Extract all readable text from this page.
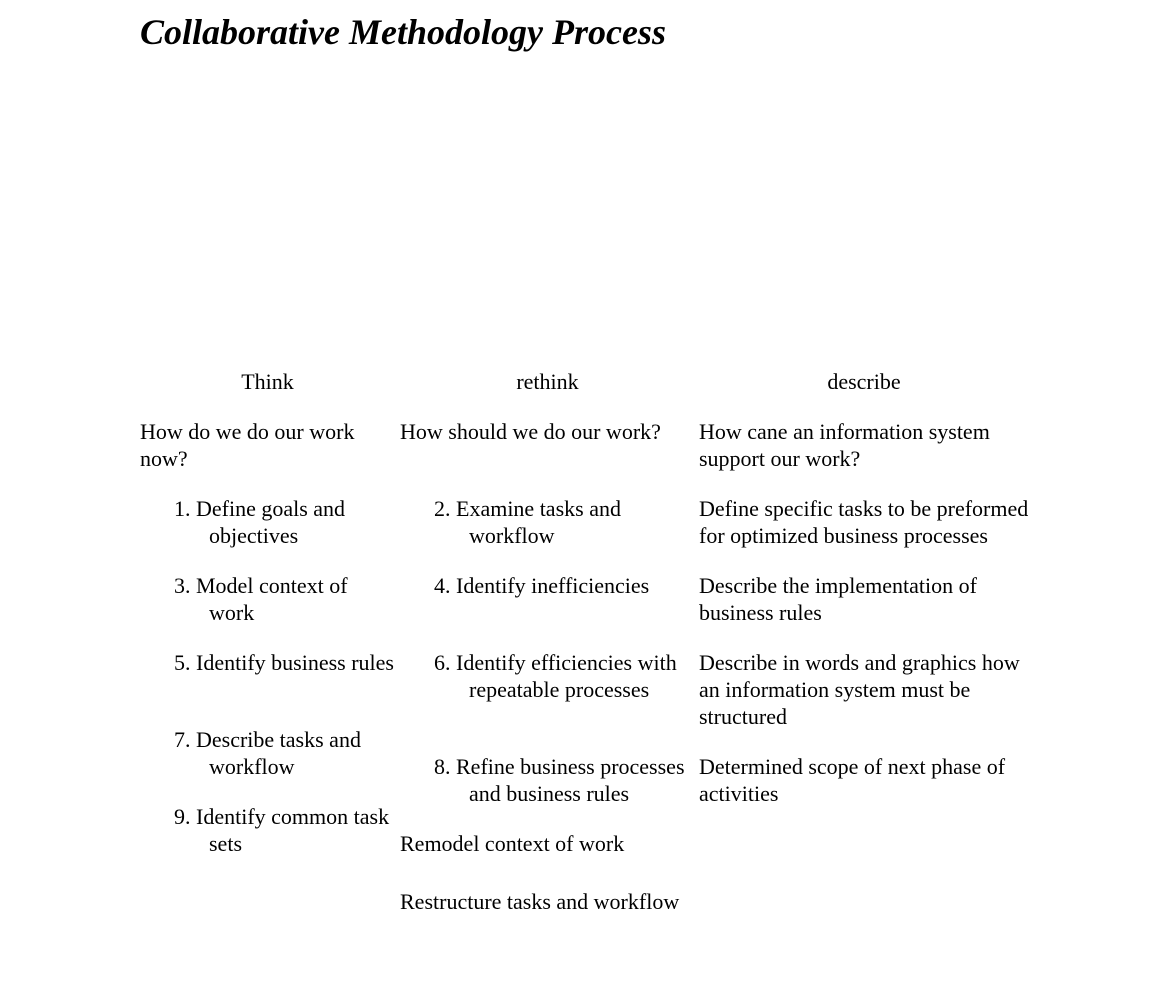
Collaborative Methodology Process
Think

How do we do our work now?

1. Define goals and objectives

3. Model context of work

5. Identify business rules

7. Describe tasks and workflow

9. Identify common task sets

rethink

How should we do our work?

2. Examine tasks and workflow

4. Identify inefficiencies

6. Identify efficiencies with repeatable processes

8. Refine business processes and business rules

Remodel context of work

Restructure tasks and workflow

describe

How cane an information system support our work?

Define specific tasks to be preformed for optimized business processes

Describe the implementation of business rules

Describe in words and graphics how an information system must be structured

Determined scope of next phase of activities
